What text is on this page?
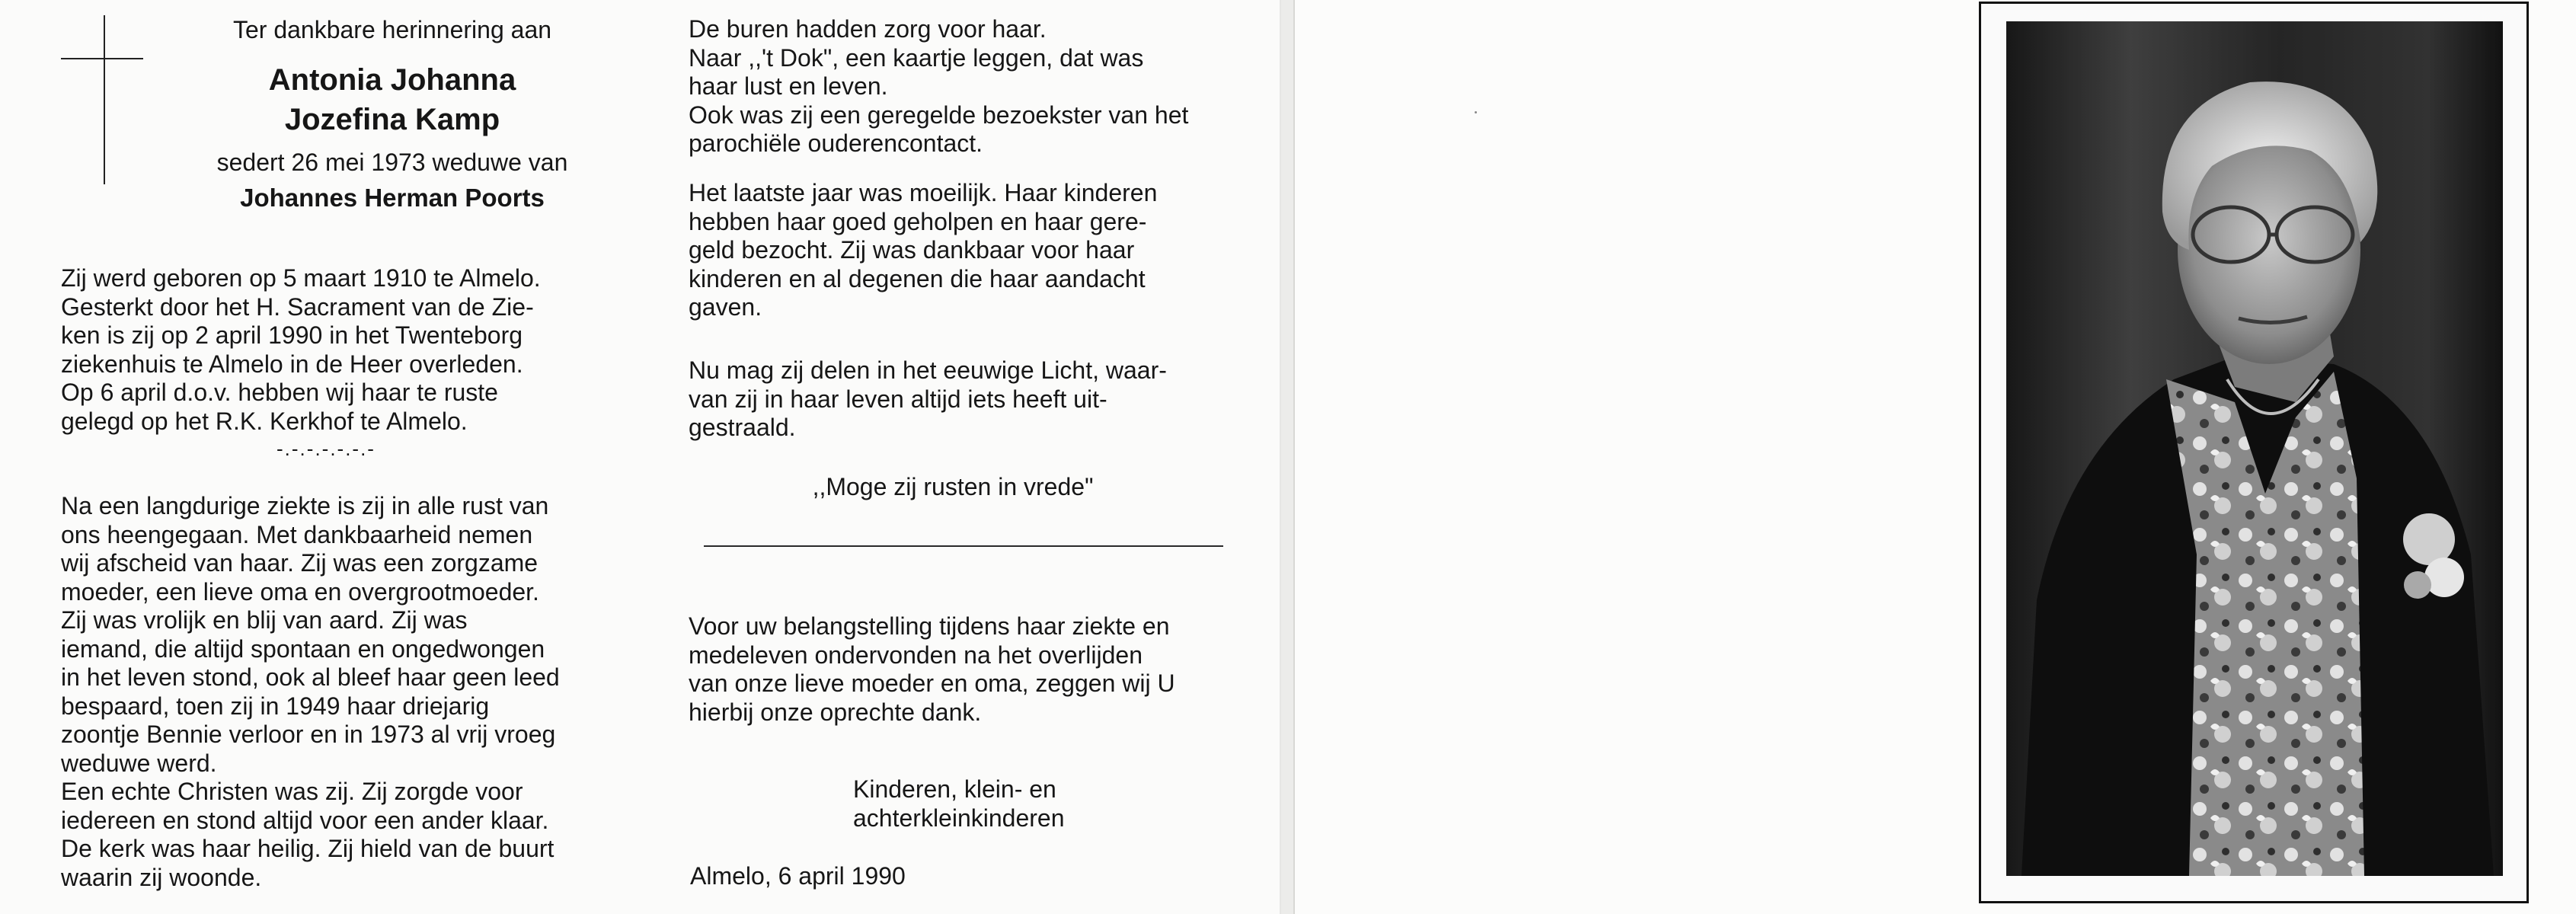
Ter dankbare herinnering aan
Antonia Johanna
Jozefina Kamp
sedert 26 mei 1973 weduwe van
Johannes Herman Poorts

Zij werd geboren op 5 maart 1910 te Almelo.

Gesterkt door het H. Sacrament van de Zie-

ken is zij op 2 april 1990 in het Twenteborg

ziekenhuis te Almelo in de Heer overleden.

Op 6 april d.o.v. hebben wij haar te ruste

gelegd op het R.K. Kerkhof te Almelo.

-.-.-.-.-.-.-

Na een langdurige ziekte is zij in alle rust van

ons heengegaan. Met dankbaarheid nemen

wij afscheid van haar. Zij was een zorgzame

moeder, een lieve oma en overgrootmoeder.

Zij was vrolijk en blij van aard. Zij was

iemand, die altijd spontaan en ongedwongen

in het leven stond, ook al bleef haar geen leed

bespaard, toen zij in 1949 haar driejarig

zoontje Bennie verloor en in 1973 al vrij vroeg

weduwe werd.

Een echte Christen was zij. Zij zorgde voor

iedereen en stond altijd voor een ander klaar.

De kerk was haar heilig. Zij hield van de buurt

waarin zij woonde.

De buren hadden zorg voor haar.

Naar ,,'t Dok", een kaartje leggen, dat was

haar lust en leven.

Ook was zij een geregelde bezoekster van het

parochiële ouderencontact.

Het laatste jaar was moeilijk. Haar kinderen

hebben haar goed geholpen en haar gere-

geld bezocht. Zij was dankbaar voor haar

kinderen en al degenen die haar aandacht

gaven.

Nu mag zij delen in het eeuwige Licht, waar-

van zij in haar leven altijd iets heeft uit-

gestraald.

,,Moge zij rusten in vrede"

Voor uw belangstelling tijdens haar ziekte en

medeleven ondervonden na het overlijden

van onze lieve moeder en oma, zeggen wij U

hierbij onze oprechte dank.

Kinderen, klein- en
achterkleinkinderen
Almelo, 6 april 1990
